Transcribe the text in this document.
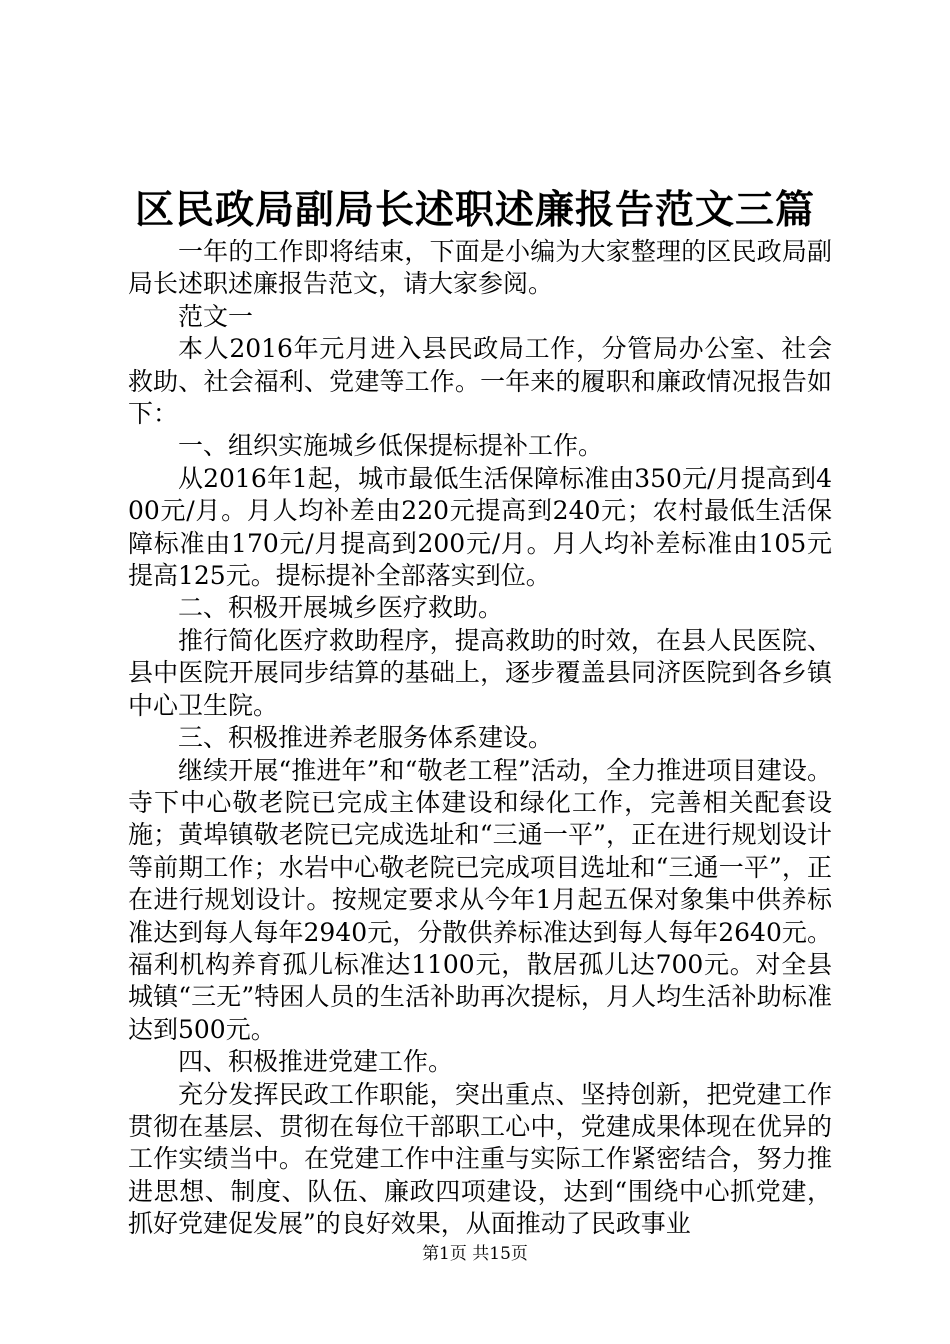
区民政局副局长述职述廉报告范文三篇

一年的工作即将结束，下面是小编为大家整理的区民政局副局长述职述廉报告范文，请大家参阅。

范文一

本人2016年元月进入县民政局工作，分管局办公室、社会救助、社会福利、党建等工作。一年来的履职和廉政情况报告如下：

一、组织实施城乡低保提标提补工作。

从2016年1起，城市最低生活保障标准由350元/月提高到400元/月。月人均补差由220元提高到240元；农村最低生活保障标准由170元/月提高到200元/月。月人均补差标准由105元提高125元。提标提补全部落实到位。

二、积极开展城乡医疗救助。

推行简化医疗救助程序，提高救助的时效，在县人民医院、县中医院开展同步结算的基础上，逐步覆盖县同济医院到各乡镇中心卫生院。

三、积极推进养老服务体系建设。

继续开展“推进年”和“敬老工程”活动，全力推进项目建设。寺下中心敬老院已完成主体建设和绿化工作，完善相关配套设施；黄埠镇敬老院已完成选址和“三通一平”，正在进行规划设计等前期工作；水岩中心敬老院已完成项目选址和“三通一平”，正在进行规划设计。按规定要求从今年1月起五保对象集中供养标准达到每人每年2940元，分散供养标准达到每人每年2640元。福利机构养育孤儿标准达1100元，散居孤儿达700元。对全县城镇“三无”特困人员的生活补助再次提标，月人均生活补助标准达到500元。

四、积极推进党建工作。

充分发挥民政工作职能，突出重点、坚持创新，把党建工作贯彻在基层、贯彻在每位干部职工心中，党建成果体现在优异的工作实绩当中。在党建工作中注重与实际工作紧密结合，努力推进思想、制度、队伍、廉政四项建设，达到“围绕中心抓党建，抓好党建促发展”的良好效果，从面推动了民政事业

第1页 共15页
